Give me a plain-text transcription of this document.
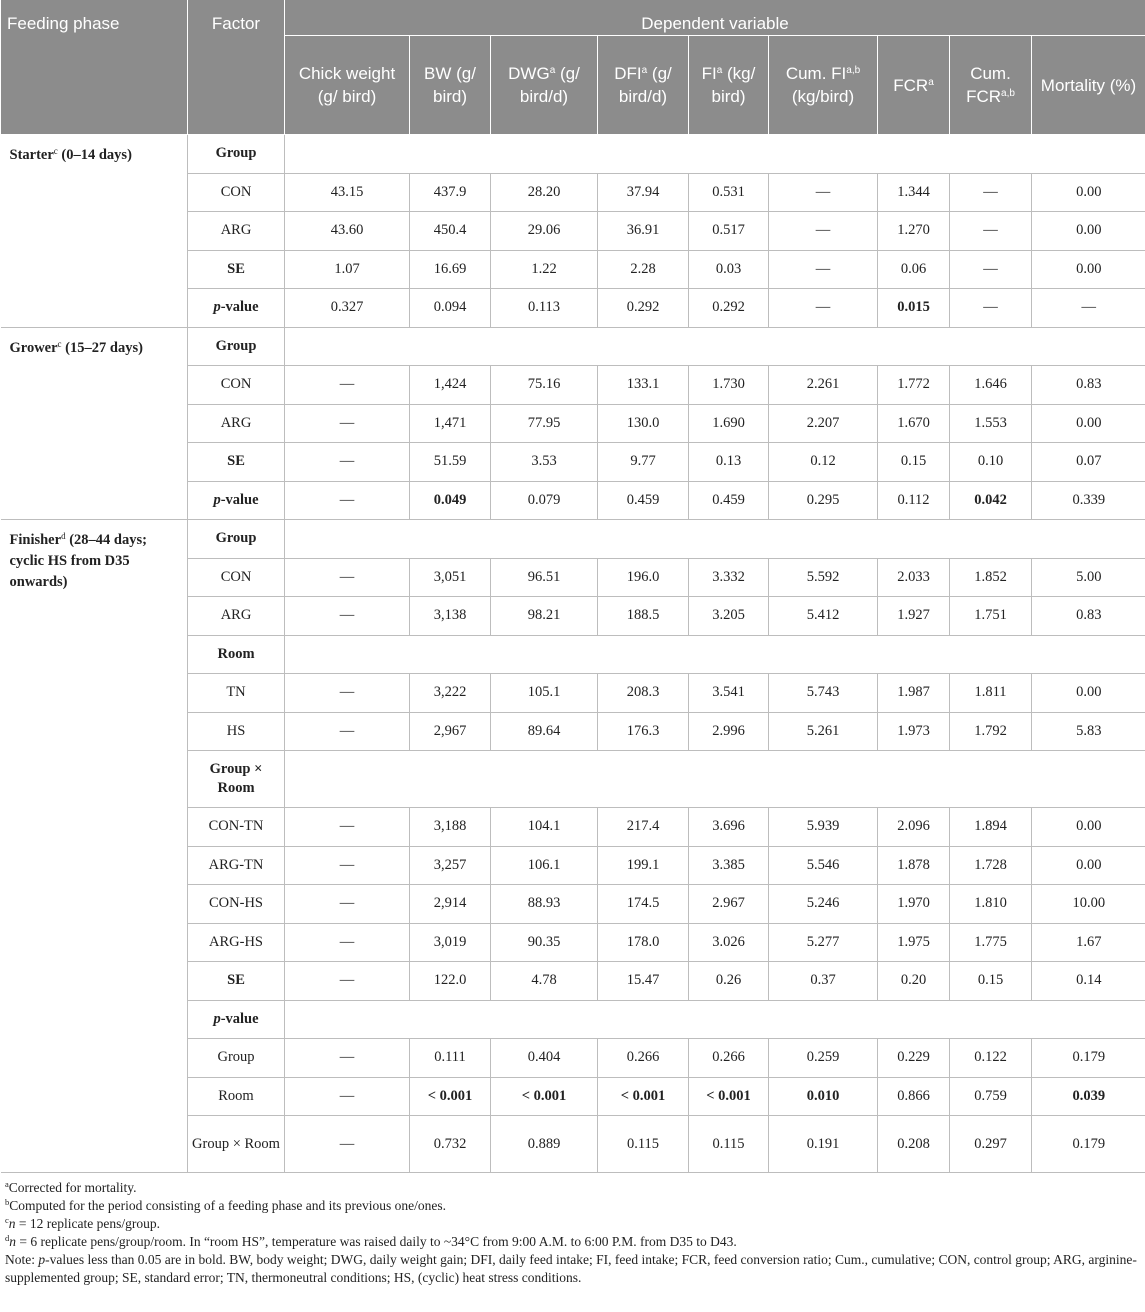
Feeding phase	Factor	Dependent variable								
		Chick weight (g/ bird)	BW (g/ bird)	DWG$^a$ (g/ bird/d)	DFI$^a$ (g/ bird/d)	$FI^a$ (kg/ bird)	Cum. FI$^{a,b}$ (kg/bird)	FCR$^a$	Cum. FCR$^{a,b}$	Mortality (%)
Starter$^c$ (0–14 days)	Group									
	CON	43.15	437.9	28.20	37.94	0.531	—	1.344	—	0.00
	ARG	43.60	450.4	29.06	36.91	0.517	—	1.270	—	0.00
	SE	1.07	16.69	1.22	2.28	0.03	—	0.06	—	0.00
	p-value	0.327	0.094	0.113	0.292	0.292	—	0.015	—	—
Grower$^c$ (15–27 days)	Group									
	CON	—	1,424	75.16	133.1	1.730	2.261	1.772	1.646	0.83
	ARG	—	1,471	77.95	130.0	1.690	2.207	1.670	1.553	0.00
	SE	—	51.59	3.53	9.77	0.13	0.12	0.15	0.10	0.07
	p-value	—	0.049	0.079	0.459	0.459	0.295	0.112	0.042	0.339
Finisher$^d$ (28–44 days; cyclic HS from D35 onwards)	Group									
	CON	—	3,051	96.51	196.0	3.332	5.592	2.033	1.852	5.00
	ARG	—	3,138	98.21	188.5	3.205	5.412	1.927	1.751	0.83
	Room									
	TN	—	3,222	105.1	208.3	3.541	5.743	1.987	1.811	0.00
	HS	—	2,967	89.64	176.3	2.996	5.261	1.973	1.792	5.83
	Group × Room									
	CON-TN	—	3,188	104.1	217.4	3.696	5.939	2.096	1.894	0.00
	ARG-TN	—	3,257	106.1	199.1	3.385	5.546	1.878	1.728	0.00
	CON-HS	—	2,914	88.93	174.5	2.967	5.246	1.970	1.810	10.00
	ARG-HS	—	3,019	90.35	178.0	3.026	5.277	1.975	1.775	1.67
	SE	—	122.0	4.78	15.47	0.26	0.37	0.20	0.15	0.14
	p-value									
	Group	—	0.111	0.404	0.266	0.266	0.259	0.229	0.122	0.179
	Room	—	< 0.001	< 0.001	< 0.001	< 0.001	0.010	0.866	0.759	0.039
	Group × Room	—	0.732	0.889	0.115	0.115	0.191	0.208	0.297	0.179
$^a$Corrected for mortality.
$^b$Computed for the period consisting of a feeding phase and its previous one/ones.
$^c$n = 12 replicate pens/group.
$^d$n = 6 replicate pens/group/room. In “room HS”, temperature was raised daily to ~34°C from 9:00 A.M. to 6:00 P.M. from D35 to D43.
Note: p-values less than 0.05 are in bold. BW, body weight; DWG, daily weight gain; DFI, daily feed intake; FI, feed intake; FCR, feed conversion ratio; Cum., cumulative; CON, control group; ARG, arginine-supplemented group; SE, standard error; TN, thermoneutral conditions; HS, (cyclic) heat stress conditions.
